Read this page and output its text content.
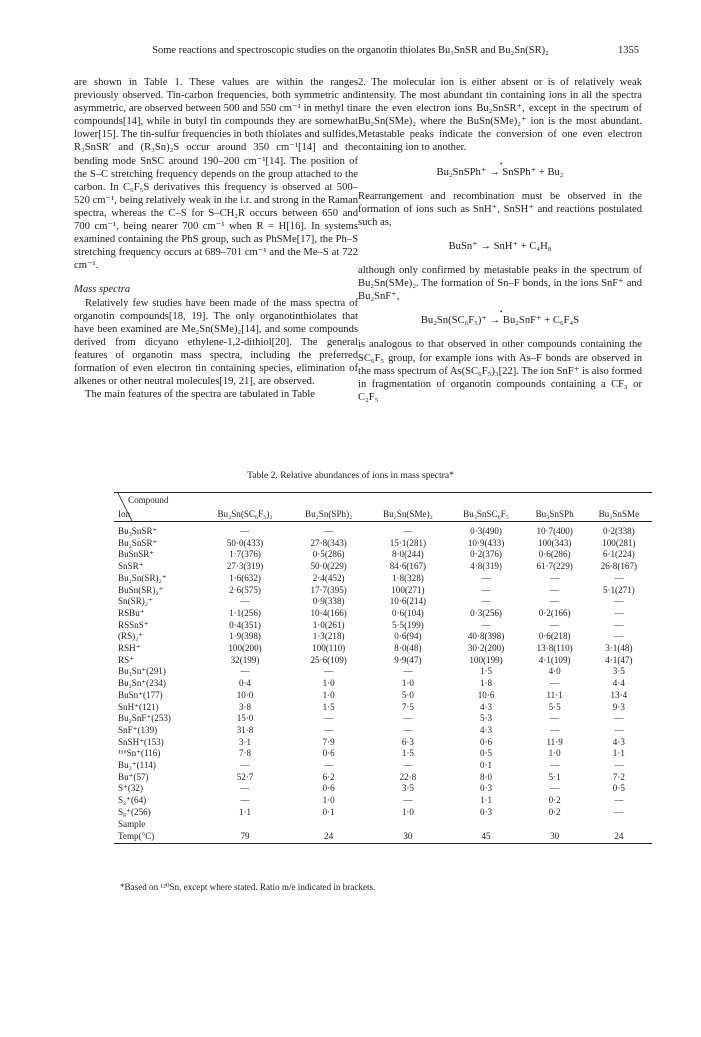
Some reactions and spectroscopic studies on the organotin thiolates Bu₃SnSR and Bu₂Sn(SR)₂	1355

are shown in Table 1. These values are within the ranges previously observed. Tin-carbon frequencies, both symmetric and asymmetric, are observed between 500 and 550 cm⁻¹ in methyl tin compounds[14], while in butyl tin compounds they are somewhat lower[15]. The tin-sulfur frequencies in both thiolates and sulfides, R₃SnSR′ and (R₃Sn)₂S occur around 350 cm⁻¹[14] and the bending mode SnSC around 190–200 cm⁻¹[14]. The position of the S–C stretching frequency depends on the group attached to the carbon. In C₆F₅S derivatives this frequency is observed at 500–520 cm⁻¹, being relatively weak in the i.r. and strong in the Raman spectra, whereas the C–S for S–CH₂R occurs between 650 and 700 cm⁻¹, being nearer 700 cm⁻¹ when R = H[16]. In systems examined containing the PhS group, such as PhSMe[17], the Ph–S stretching frequency occurs at 689–701 cm⁻¹ and the Me–S at 722 cm⁻¹.

Mass spectra

Relatively few studies have been made of the mass spectra of organotin compounds[18, 19]. The only organotinthiolates that have been examined are Me₂Sn(SMe)₂[14], and some compounds derived from dicyano ethylene-1,2-dithiol[20]. The general features of organotin mass spectra, including the preferred formation of even electron tin containing species, elimination of alkenes or other neutral molecules[19, 21], are observed.

The main features of the spectra are tabulated in Table

2. The molecular ion is either absent or is of relatively weak intensity. The most abundant tin containing ions in all the spectra are the even electron ions Bu₂SnSR⁺, except in the spectrum of Bu₂Sn(SMe)₂ where the BuSn(SMe)₂⁺ ion is the most abundant. Metastable peaks indicate the conversion of one even electron containing ion to another.

Bu₂SnSPh⁺ → SnSPh⁺ + Bu₂ •

Rearrangement and recombination must be observed in the formation of ions such as SnH⁺, SnSH⁺ and reactions postulated such as,

BuSn⁺ → SnH⁺ + C₄H₈

although only confirmed by metastable peaks in the spectrum of Bu₂Sn(SMe)₂. The formation of Sn–F bonds, in the ions SnF⁺ and Bu₂SnF⁺,

Bu₂Sn(SC₆F₅)⁺ → Bu₂SnF⁺ + C₆F₄S •

is analogous to that observed in other compounds containing the SC₆F₅ group, for example ions with As–F bonds are observed in the mass spectrum of As(SC₆F₅)₃[22]. The ion SnF⁺ is also formed in fragmentation of organotin compounds containing a CF₃ or C₂F₅

Table 2. Relative abundances of ions in mass spectra*
Compound						

Ion	Bu₂Sn(SC₆F₅)₂	Bu₂Sn(SPh)₂	Bu₂Sn(SMe)₂	Bu₃SnSC₆F₅	Bu₃SnSPh	Bu₃SnSMe
Bu₃SnSR⁺	—	—	—	0·3(490)	10·7(400)	0·2(338)
Bu₂SnSR⁺	50·0(433)	27·8(343)	15·1(281)	10·9(433)	100(343)	100(281)
BuSnSR⁺	1·7(376)	0·5(286)	8·0(244)	0·2(376)	0·6(286)	6·1(224)
SnSR⁺	27·3(319)	50·0(229)	84·6(167)	4·8(319)	61·7(229)	26·8(167)
Bu₂Sn(SR)₂⁺	1·6(632)	2·4(452)	1·8(328)	—	—	—
BuSn(SR)₂⁺	2·6(575)	17·7(395)	100(271)	—	—	5·1(271)
Sn(SR)₂⁺	—	0·9(338)	10·6(214)	—	—	—
RSBu⁺	1·1(256)	10·4(166)	0·6(104)	0·3(256)	0·2(166)	—
RSSnS⁺	0·4(351)	1·0(261)	5·5(199)	—	—	—
(RS)₂⁺	1·9(398)	1·3(218)	0·6(94)	40·8(398)	0·6(218)	—
RSH⁺	100(200)	100(110)	8·0(48)	30·2(200)	13·8(110)	3·1(48)
RS⁺	32(199)	25·6(109)	9·9(47)	100(199)	4·1(109)	4·1(47)
Bu₃Sn⁺(291)	—	—	—	1·5	4·0	3·5
Bu₂Sn⁺(234)	0·4	1·0	1·0	1·8	—	4·4
BuSn⁺(177)	10·0	1·0	5·0	10·6	11·1	13·4
SnH⁺(121)	3·8	1·5	7·5	4·3	5·5	9·3
Bu₂SnF⁺(253)	15·0	—	—	5·3	—	—
SnF⁺(139)	31·8	—	—	4·3	—	—
SnSH⁺(153)	3·1	7·9	6·3	0·6	11·9	4·3
¹¹⁶Sn⁺(116)	7·8	0·6	1·5	0·5	1·0	1·1
Bu₂⁺(114)	—	—	—	0·1	—	—
Bu⁺(57)	52·7	6·2	22·8	8·0	5·1	7·2
S⁺(32)	—	0·6	3·5	0·3	—	0·5
S₂⁺(64)	—	1·0	—	1·1	0·2	—
S₈⁺(256)	1·1	0·1	1·0	0·3	0·2	—
Sample						
Temp(°C)	79	24	30	45	30	24
*Based on ¹²⁰Sn, except where stated. Ratio m/e indicated in brackets.
